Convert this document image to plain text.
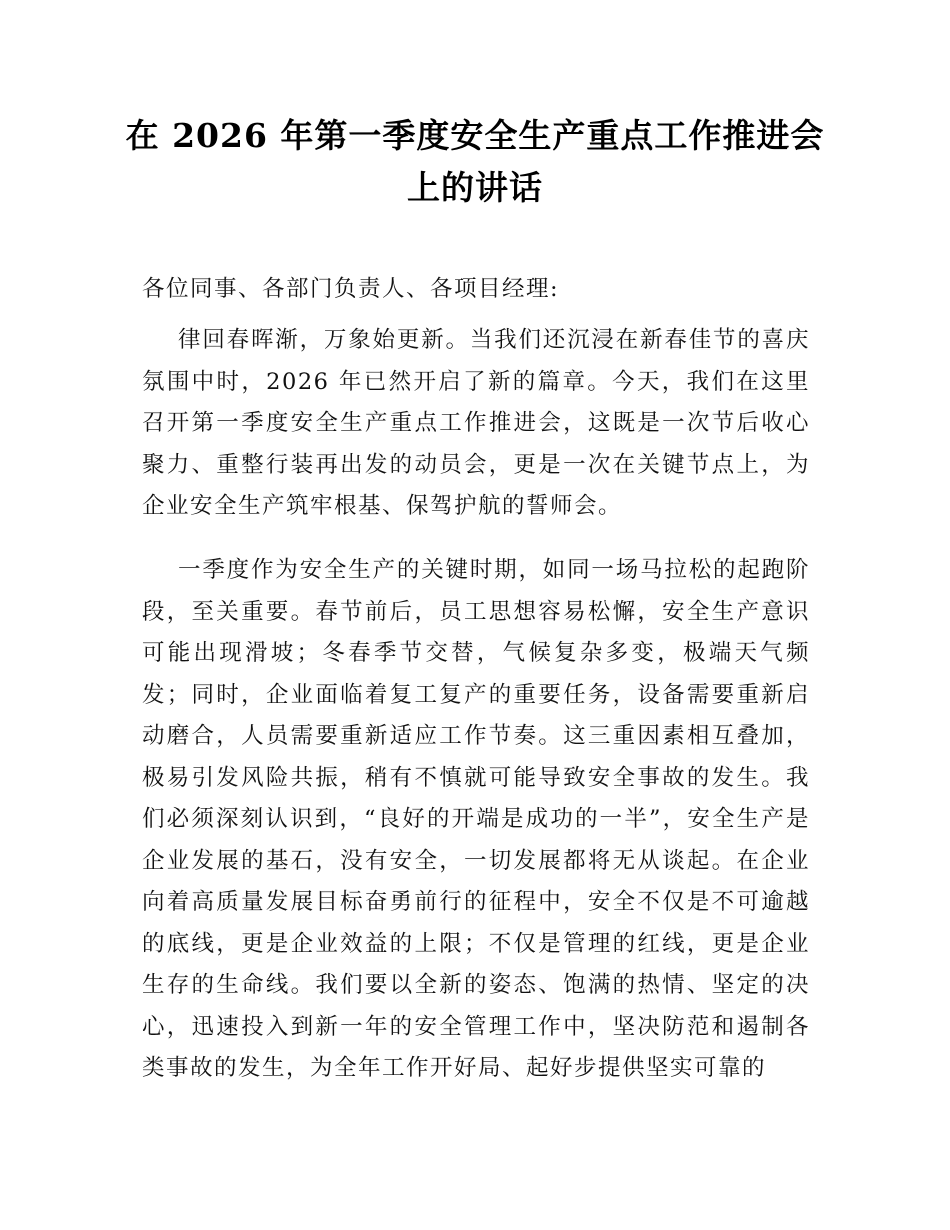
在 2026 年第一季度安全生产重点工作推进会上的讲话

各位同事、各部门负责人、各项目经理:

律回春晖渐，万象始更新。当我们还沉浸在新春佳节的喜庆氛围中时，2026 年已然开启了新的篇章。今天，我们在这里召开第一季度安全生产重点工作推进会，这既是一次节后收心聚力、重整行装再出发的动员会，更是一次在关键节点上，为企业安全生产筑牢根基、保驾护航的誓师会。

一季度作为安全生产的关键时期，如同一场马拉松的起跑阶段，至关重要。春节前后，员工思想容易松懈，安全生产意识可能出现滑坡；冬春季节交替，气候复杂多变，极端天气频发；同时，企业面临着复工复产的重要任务，设备需要重新启动磨合，人员需要重新适应工作节奏。这三重因素相互叠加，极易引发风险共振，稍有不慎就可能导致安全事故的发生。我们必须深刻认识到，“良好的开端是成功的一半”，安全生产是企业发展的基石，没有安全，一切发展都将无从谈起。在企业向着高质量发展目标奋勇前行的征程中，安全不仅是不可逾越的底线，更是企业效益的上限；不仅是管理的红线，更是企业生存的生命线。我们要以全新的姿态、饱满的热情、坚定的决心，迅速投入到新一年的安全管理工作中，坚决防范和遏制各类事故的发生，为全年工作开好局、起好步提供坚实可靠的
